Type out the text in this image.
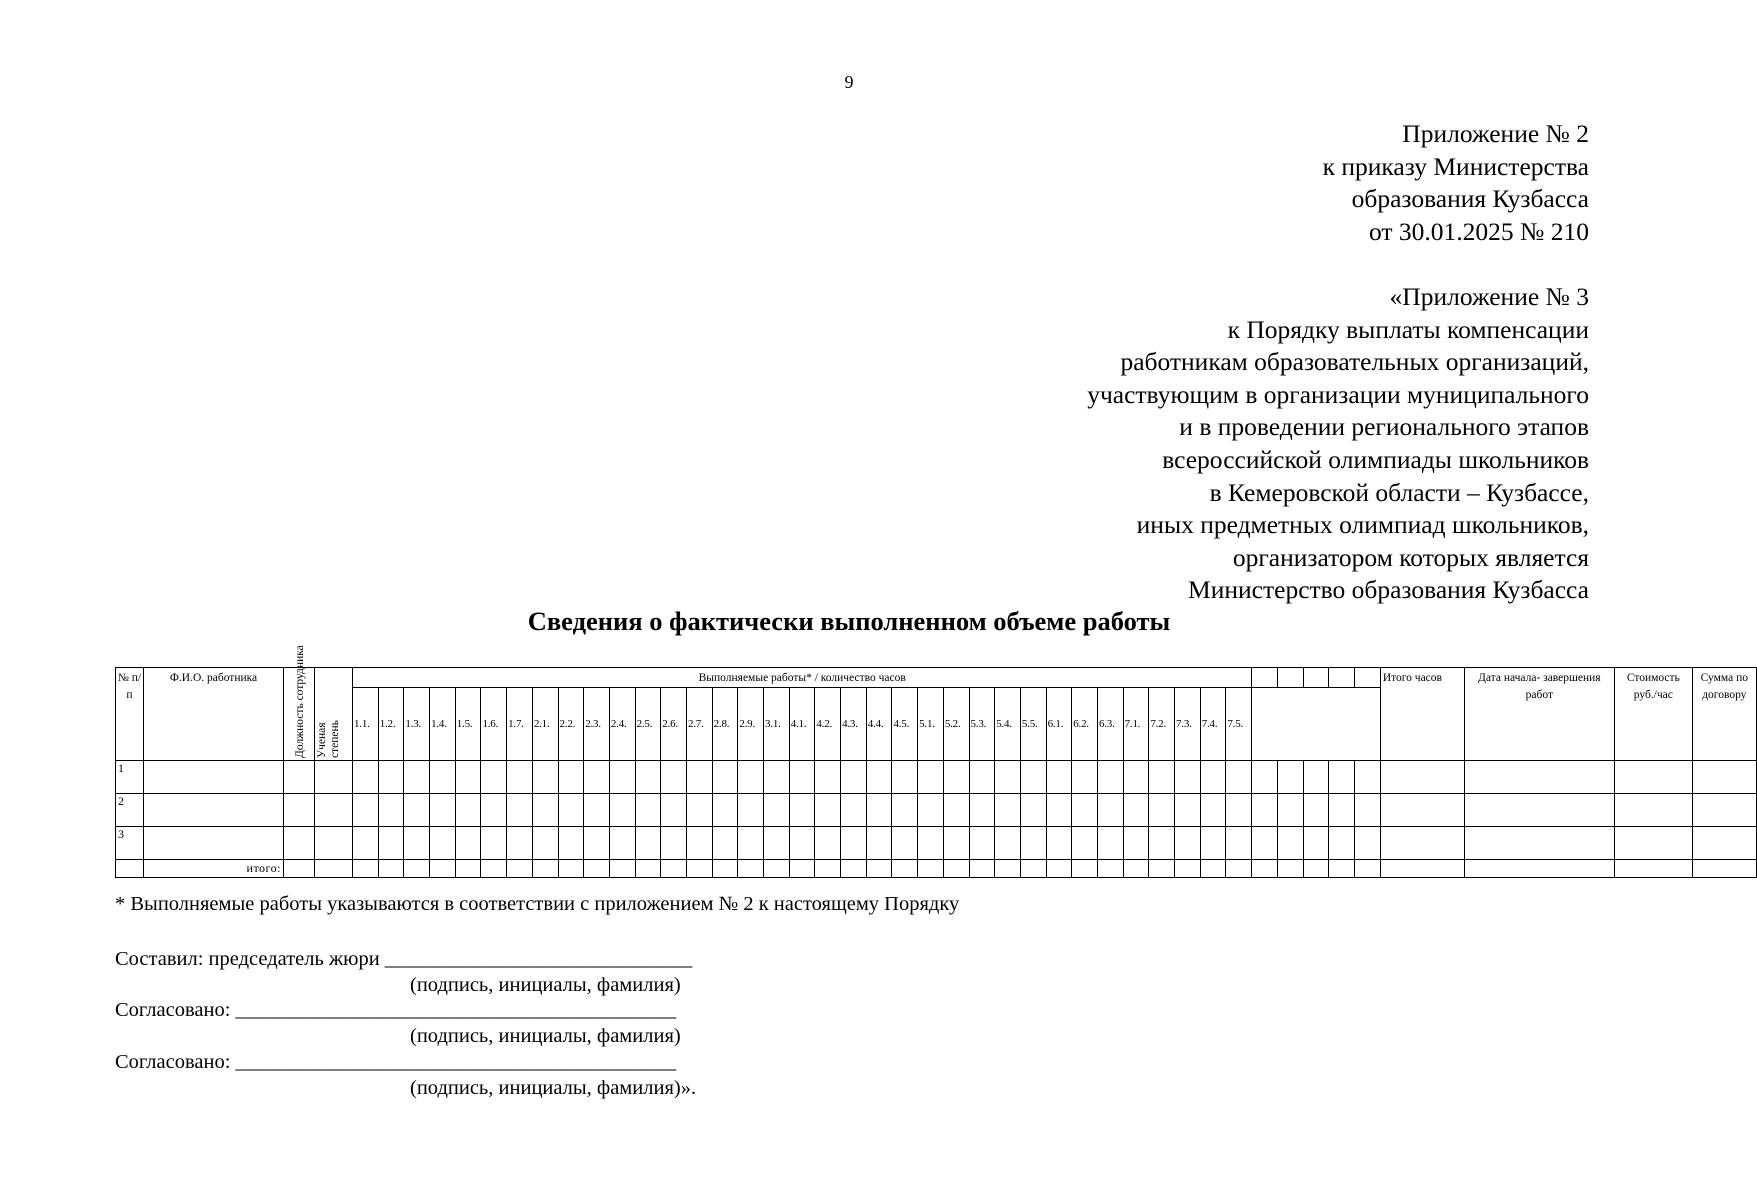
9
Приложение № 2
к приказу Министерства
образования Кузбасса
от 30.01.2025 № 210
«Приложение № 3
к Порядку выплаты компенсации
работникам образовательных организаций,
участвующим в организации муниципального
и в проведении регионального этапов
всероссийской олимпиады школьников
в Кемеровской области – Кузбассе,
иных предметных олимпиад школьников,
организатором которых является
Министерство образования Кузбасса
Сведения о фактически выполненном объеме работы
№ п/п	Ф.И.О. работника	Должность сотрудника	Ученая степень	Выполняемые работы* / количество часов																																								Итого часов	Дата начала- завершения работ	Стоимость руб./час	Сумма по договору
				1.1.	1.2.	1.3.	1.4.	1.5.	1.6.	1.7.	2.1.	2.2.	2.3.	2.4.	2.5.	2.6.	2.7.	2.8.	2.9.	3.1.	4.1.	4.2.	4.3.	4.4.	4.5.	5.1.	5.2.	5.3.	5.4.	5.5.	6.1.	6.2.	6.3.	7.1.	7.2.	7.3.	7.4.	7.5.									
1																																															
2																																															
3																																															
	итого:																																														
* Выполняемые работы указываются в соответствии с приложением № 2 к настоящему Порядку
Составил: председатель жюри ______________________________
(подпись, инициалы, фамилия)
Согласовано: ___________________________________________
(подпись, инициалы, фамилия)
Согласовано: ___________________________________________
(подпись, инициалы, фамилия)».
